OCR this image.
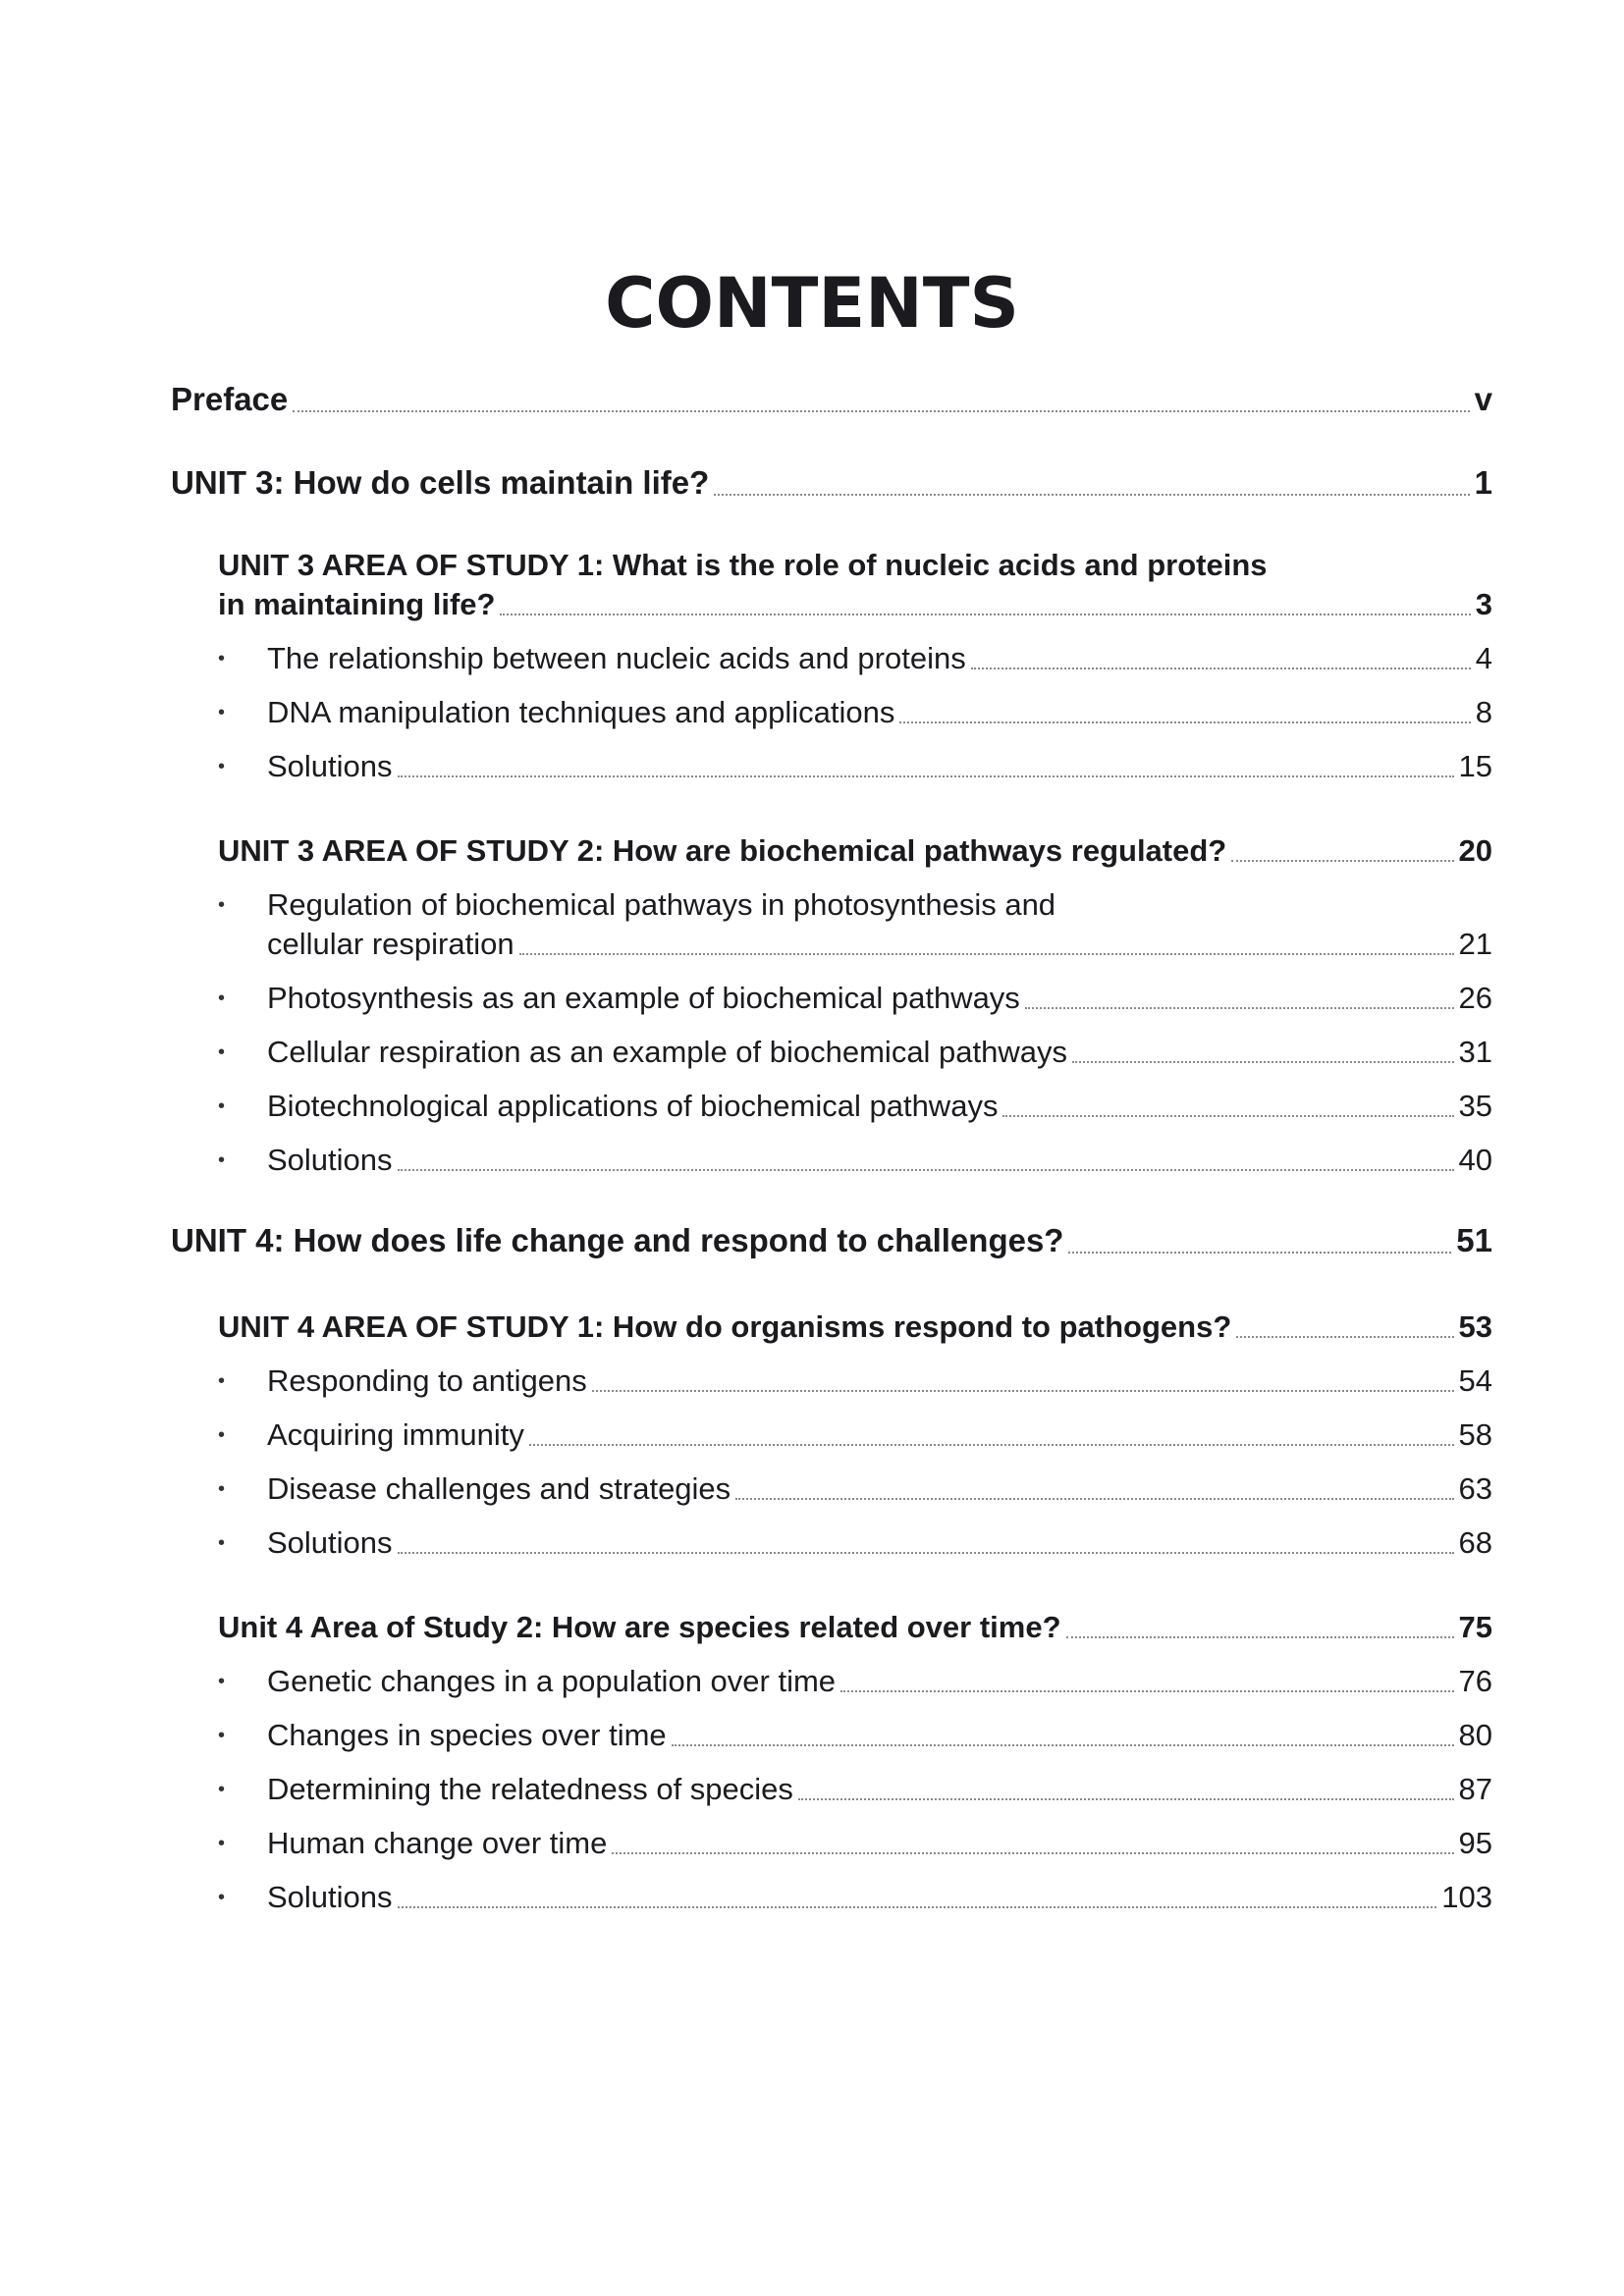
CONTENTS
Preface	v
UNIT 3: How do cells maintain life?	1
UNIT 3 AREA OF STUDY 1: What is the role of nucleic acids and proteins
in maintaining life?	3
•	The relationship between nucleic acids and proteins	4
•	DNA manipulation techniques and applications	8
•	Solutions	15
UNIT 3 AREA OF STUDY 2: How are biochemical pathways regulated?	20
•	Regulation of biochemical pathways in photosynthesis and
cellular respiration	21
•	Photosynthesis as an example of biochemical pathways	26
•	Cellular respiration as an example of biochemical pathways	31
•	Biotechnological applications of biochemical pathways	35
•	Solutions	40
UNIT 4: How does life change and respond to challenges?	51
UNIT 4 AREA OF STUDY 1: How do organisms respond to pathogens?	53
•	Responding to antigens	54
•	Acquiring immunity	58
•	Disease challenges and strategies	63
•	Solutions	68
Unit 4 Area of Study 2: How are species related over time?	75
•	Genetic changes in a population over time	76
•	Changes in species over time	80
•	Determining the relatedness of species	87
•	Human change over time	95
•	Solutions	103
